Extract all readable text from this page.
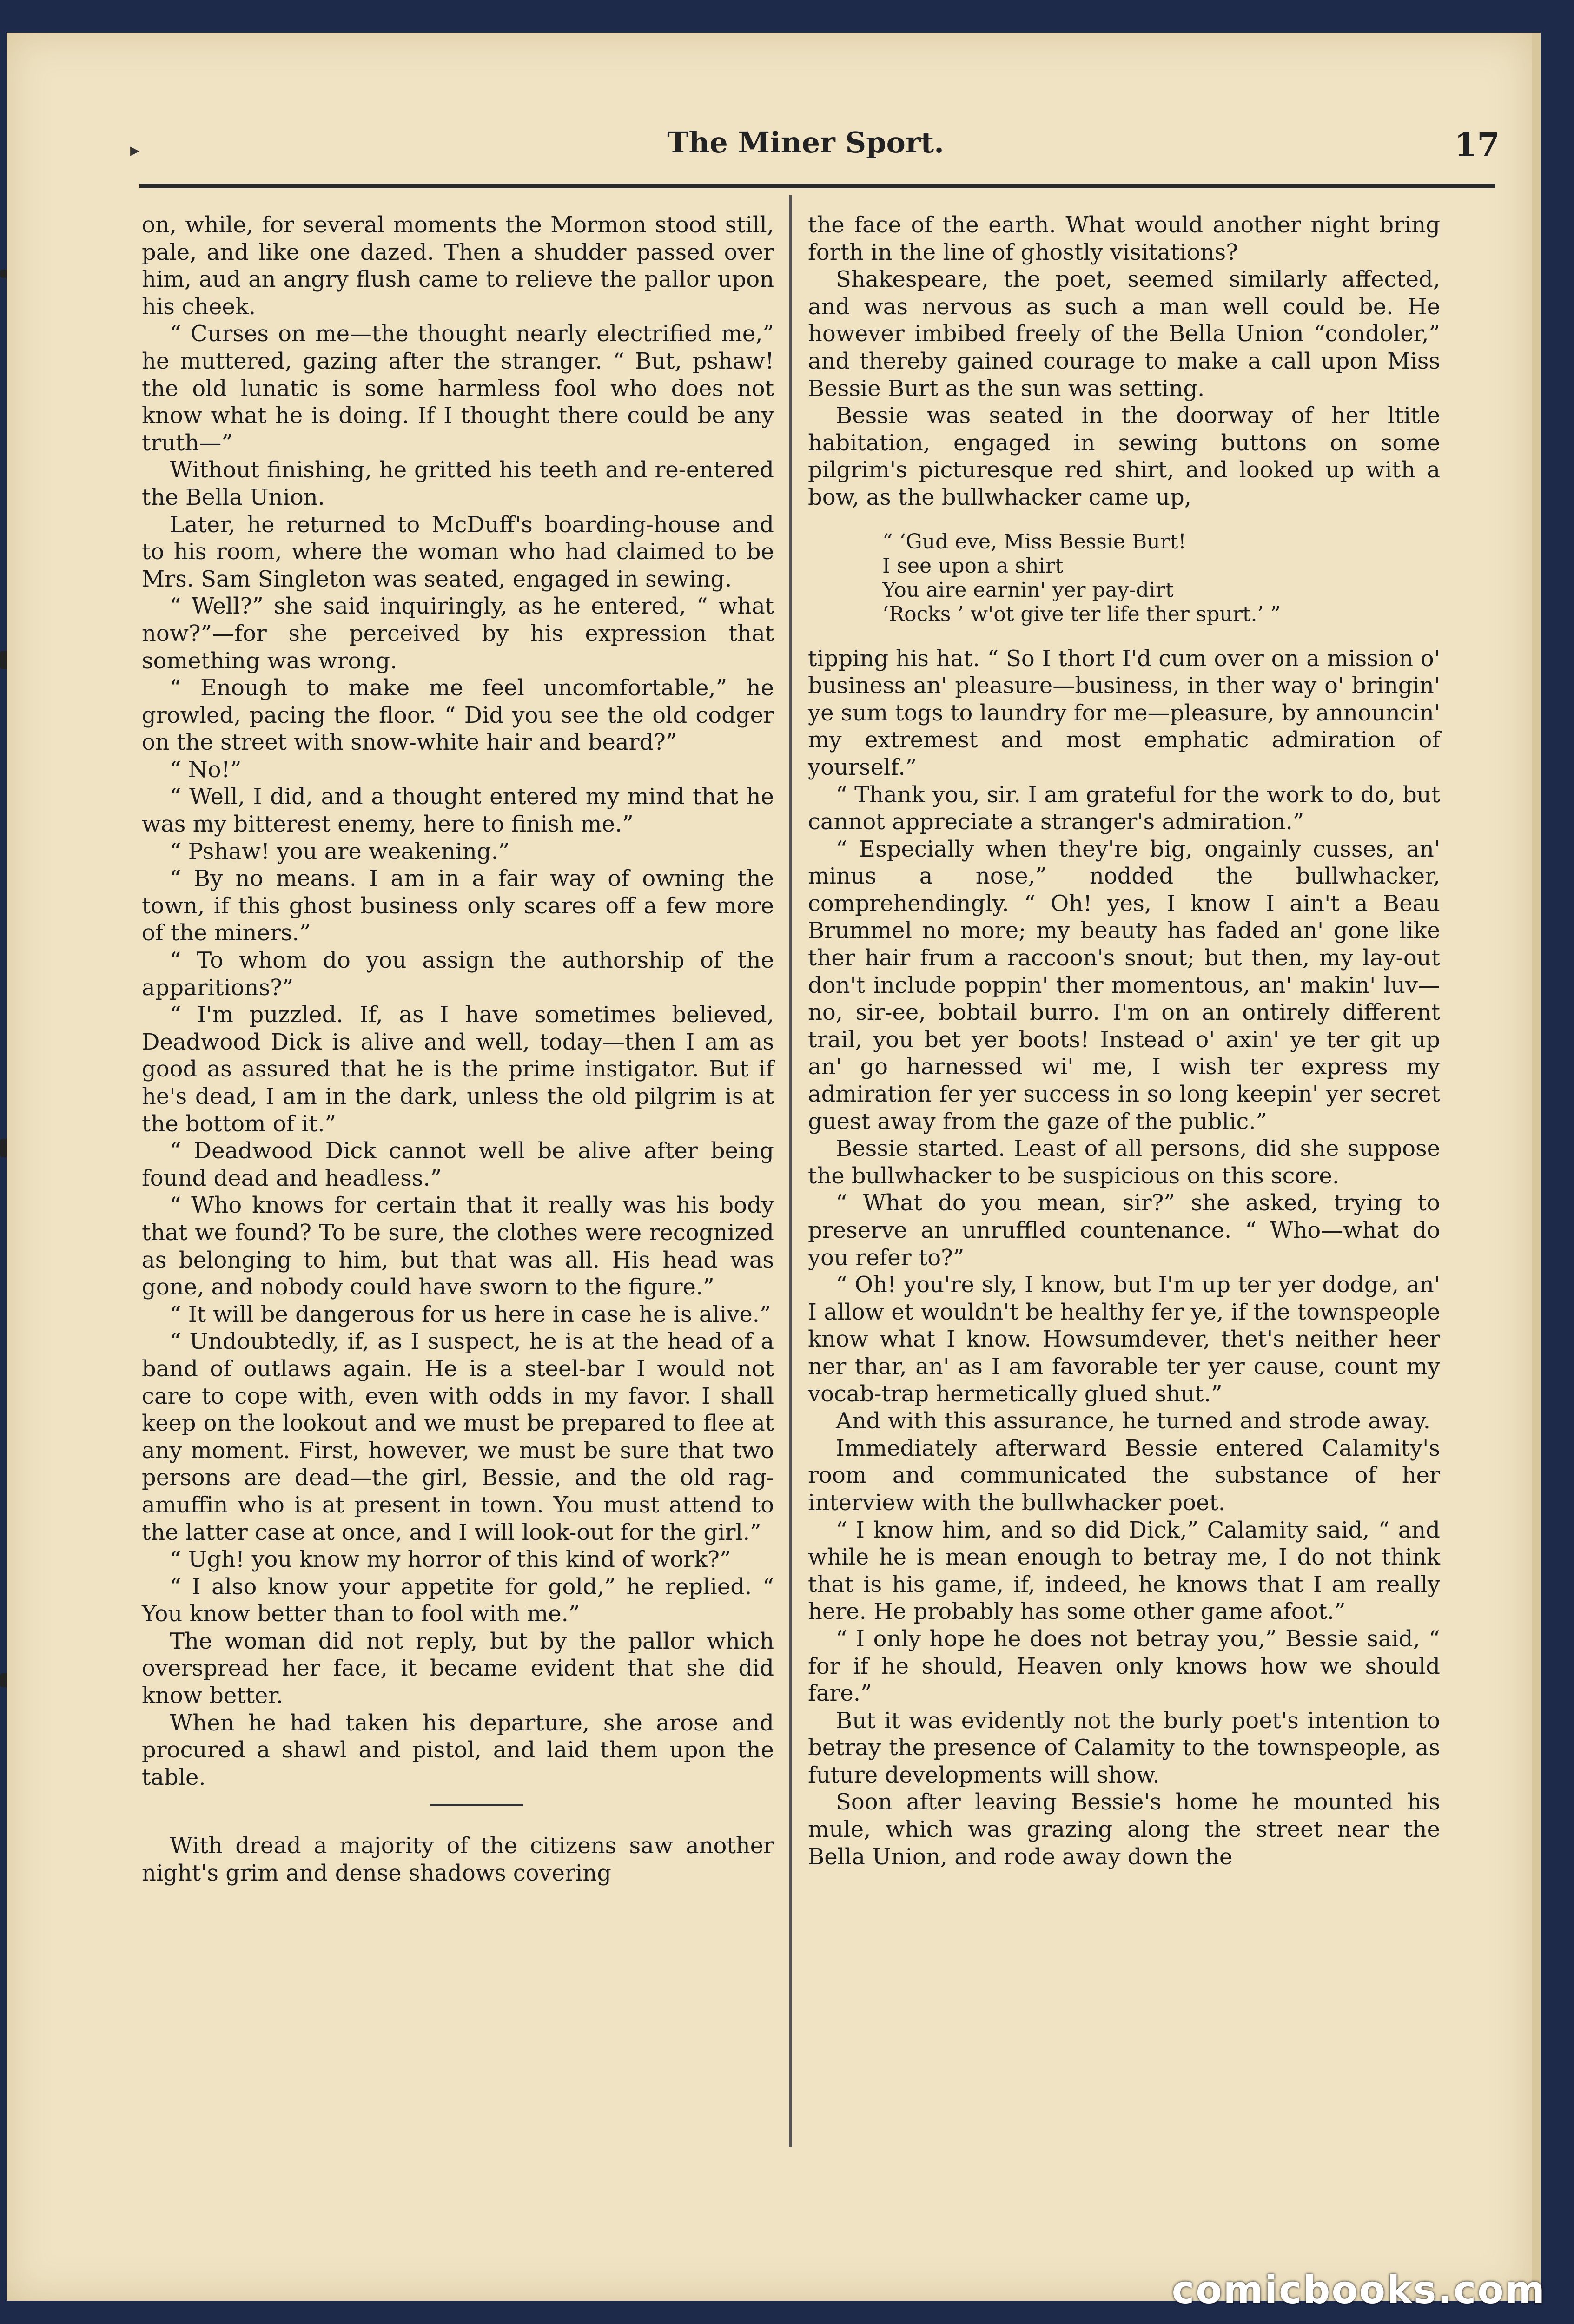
▸	The Miner Sport.	17

on, while, for several moments the Mormon stood still, pale, and like one dazed. Then a shudder passed over him, aud an angry flush came to relieve the pallor upon his cheek.

“ Curses on me—the thought nearly electrified me,” he muttered, gazing after the stranger. “ But, pshaw! the old lunatic is some harmless fool who does not know what he is doing. If I thought there could be any truth—”

Without finishing, he gritted his teeth and re-entered the Bella Union.

Later, he returned to McDuff's boarding-house and to his room, where the woman who had claimed to be Mrs. Sam Singleton was seated, engaged in sewing.

“ Well?” she said inquiringly, as he entered, “ what now?”—for she perceived by his expression that something was wrong.

“ Enough to make me feel uncomfortable,” he growled, pacing the floor. “ Did you see the old codger on the street with snow-white hair and beard?”

“ No!”

“ Well, I did, and a thought entered my mind that he was my bitterest enemy, here to finish me.”

“ Pshaw! you are weakening.”

“ By no means. I am in a fair way of owning the town, if this ghost business only scares off a few more of the miners.”

“ To whom do you assign the authorship of the apparitions?”

“ I'm puzzled. If, as I have sometimes believed, Deadwood Dick is alive and well, today—then I am as good as assured that he is the prime instigator. But if he's dead, I am in the dark, unless the old pilgrim is at the bottom of it.”

“ Deadwood Dick cannot well be alive after being found dead and headless.”

“ Who knows for certain that it really was his body that we found? To be sure, the clothes were recognized as belonging to him, but that was all. His head was gone, and nobody could have sworn to the figure.”

“ It will be dangerous for us here in case he is alive.”

“ Undoubtedly, if, as I suspect, he is at the head of a band of outlaws again. He is a steel-bar I would not care to cope with, even with odds in my favor. I shall keep on the lookout and we must be prepared to flee at any moment. First, however, we must be sure that two persons are dead—the girl, Bessie, and the old rag-amuffin who is at present in town. You must attend to the latter case at once, and I will look-out for the girl.”

“ Ugh! you know my horror of this kind of work?”

“ I also know your appetite for gold,” he replied. “ You know better than to fool with me.”

The woman did not reply, but by the pallor which overspread her face, it became evident that she did know better.

When he had taken his departure, she arose and procured a shawl and pistol, and laid them upon the table.

With dread a majority of the citizens saw another night's grim and dense shadows covering

the face of the earth. What would another night bring forth in the line of ghostly visitations?

Shakespeare, the poet, seemed similarly affected, and was nervous as such a man well could be. He however imbibed freely of the Bella Union “condoler,” and thereby gained courage to make a call upon Miss Bessie Burt as the sun was setting.

Bessie was seated in the doorway of her ltitle habitation, engaged in sewing buttons on some pilgrim's picturesque red shirt, and looked up with a bow, as the bullwhacker came up,

“ ‘Gud eve, Miss Bessie Burt!
I see upon a shirt
You aire earnin' yer pay-dirt
‘Rocks ’ w'ot give ter life ther spurt.’ ”

tipping his hat. “ So I thort I'd cum over on a mission o' business an' pleasure—business, in ther way o' bringin' ye sum togs to laundry for me—pleasure, by announcin' my extremest and most emphatic admiration of yourself.”

“ Thank you, sir. I am grateful for the work to do, but cannot appreciate a stranger's admiration.”

“ Especially when they're big, ongainly cusses, an' minus a nose,” nodded the bullwhacker, comprehendingly. “ Oh! yes, I know I ain't a Beau Brummel no more; my beauty has faded an' gone like ther hair frum a raccoon's snout; but then, my lay-out don't include poppin' ther momentous, an' makin' luv—no, sir-ee, bobtail burro. I'm on an ontirely different trail, you bet yer boots! Instead o' axin' ye ter git up an' go harnessed wi' me, I wish ter express my admiration fer yer success in so long keepin' yer secret guest away from the gaze of the public.”

Bessie started. Least of all persons, did she suppose the bullwhacker to be suspicious on this score.

“ What do you mean, sir?” she asked, trying to preserve an unruffled countenance. “ Who—what do you refer to?”

“ Oh! you're sly, I know, but I'm up ter yer dodge, an' I allow et wouldn't be healthy fer ye, if the townspeople know what I know. Howsumdever, thet's neither heer ner thar, an' as I am favorable ter yer cause, count my vocab-trap hermetically glued shut.”

And with this assurance, he turned and strode away.

Immediately afterward Bessie entered Calamity's room and communicated the substance of her interview with the bullwhacker poet.

“ I know him, and so did Dick,” Calamity said, “ and while he is mean enough to betray me, I do not think that is his game, if, indeed, he knows that I am really here. He probably has some other game afoot.”

“ I only hope he does not betray you,” Bessie said, “ for if he should, Heaven only knows how we should fare.”

But it was evidently not the burly poet's intention to betray the presence of Calamity to the townspeople, as future developments will show.

Soon after leaving Bessie's home he mounted his mule, which was grazing along the street near the Bella Union, and rode away down the

comicbooks.com
